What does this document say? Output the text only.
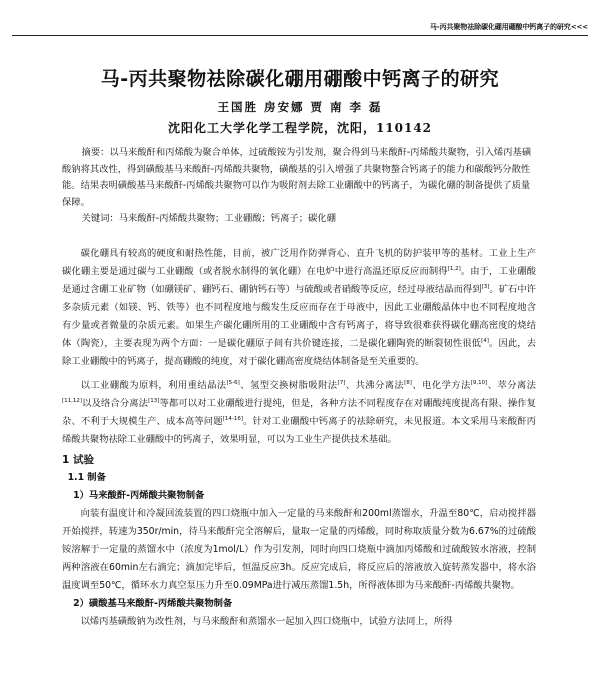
马-丙共聚物祛除碳化硼用硼酸中钙离子的研究<<<
马-丙共聚物祛除碳化硼用硼酸中钙离子的研究
王国胜 房安娜 贾 南 李 磊
沈阳化工大学化学工程学院，沈阳，110142

摘要：以马来酸酐和丙烯酸为聚合单体，过硫酸铵为引发剂，聚合得到马来酸酐-丙烯酸共聚物，引入烯丙基磺酸钠将其改性，得到磺酸基马来酸酐-丙烯酸共聚物，磺酸基的引入增强了共聚物螯合钙离子的能力和碳酸钙分散性能。结果表明磺酸基马来酸酐-丙烯酸共聚物可以作为吸附剂去除工业硼酸中的钙离子，为碳化硼的制备提供了质量保障。

关键词：马来酸酐-丙烯酸共聚物；工业硼酸；钙离子；碳化硼

碳化硼具有较高的硬度和耐热性能，目前，被广泛用作防弹背心、直升飞机的防护装甲等的基材。工业上生产碳化硼主要是通过碳与工业硼酸（或者脱水制得的氧化硼）在电炉中进行高温还原反应而制得[1,2]。由于，工业硼酸是通过含硼工业矿物（如硼镁矿、硼钙石、硼钠钙石等）与硫酸或者硝酸等反应，经过母液结晶而得到[3]。矿石中许多杂质元素（如镁、钙、铁等）也不同程度地与酸发生反应而存在于母液中，因此工业硼酸晶体中也不同程度地含有少量或者微量的杂质元素。如果生产碳化硼所用的工业硼酸中含有钙离子，将导致很难获得碳化硼高密度的烧结体（陶瓷），主要表现为两个方面：一是碳化硼原子间有共价键连接，二是碳化硼陶瓷的断裂韧性很低[4]。因此，去除工业硼酸中的钙离子，提高硼酸的纯度，对于碳化硼高密度烧结体制备是至关重要的。

以工业硼酸为原料，利用重结晶法[5-6]、氢型交换树脂吸附法[7]、共沸分离法[8]、电化学方法[9,10]、萃分离法[11,12]以及络合分离法[13]等都可以对工业硼酸进行提纯，但是，各种方法不同程度存在对硼酸纯度提高有限、操作复杂、不利于大规模生产、成本高等问题[14-16]。针对工业硼酸中钙离子的祛除研究，未见报道。本文采用马来酸酐丙烯酸共聚物祛除工业硼酸中的钙离子，效果明显，可以为工业生产提供技术基础。

1 试验
1.1 制备
1）马来酸酐-丙烯酸共聚物制备

向装有温度计和冷凝回流装置的四口烧瓶中加入一定量的马来酸酐和200ml蒸馏水，升温至80℃，启动搅拌器开始搅拌，转速为350r/min，待马来酸酐完全溶解后，量取一定量的丙烯酸，同时称取质量分数为6.67%的过硫酸铵溶解于一定量的蒸馏水中（浓度为1mol/L）作为引发剂，同时向四口烧瓶中滴加丙烯酸和过硫酸铵水溶液，控制两种溶液在60min左右滴完；滴加完毕后，恒温反应3h。反应完成后，将反应后的溶液放入旋转蒸发器中，将水浴温度调至50℃，循环水力真空泵压力升至0.09MPa进行减压蒸馏1.5h，所得液体即为马来酸酐-丙烯酸共聚物。

2）磺酸基马来酸酐-丙烯酸共聚物制备

以烯丙基磺酸钠为改性剂，与马来酸酐和蒸馏水一起加入四口烧瓶中，试验方法同上，所得
